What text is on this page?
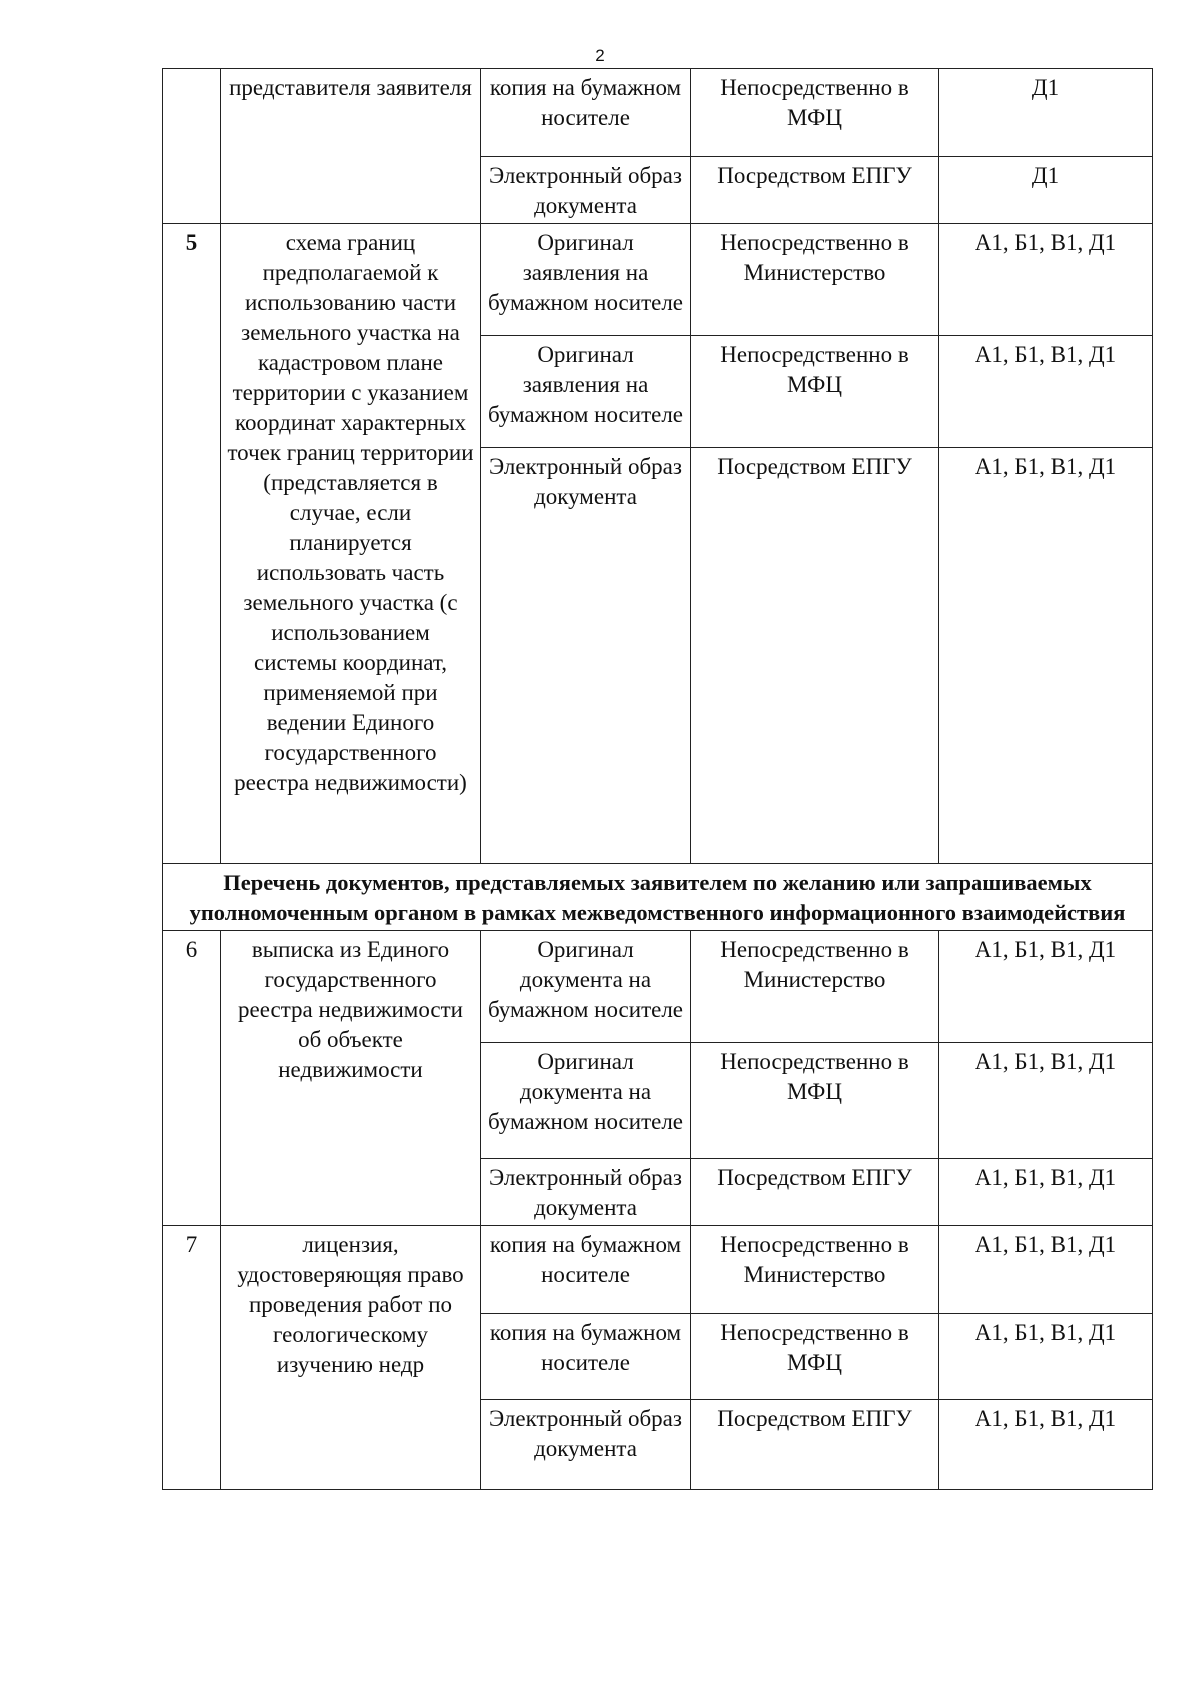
2
	представителя заявителя	копия на бумажном носителе	Непосредственно в МФЦ	Д1
		Электронный образ документа	Посредством ЕПГУ	Д1
5	схема границ предполагаемой к использованию части земельного участка на кадастровом плане территории с указанием координат характерных точек границ территории (представляется в случае, если планируется использовать часть земельного участка (с использованием системы координат, применяемой при ведении Единого государственного реестра недвижимости)	Оригинал заявления на бумажном носителе	Непосредственно в Министерство	А1, Б1, В1, Д1
		Оригинал заявления на бумажном носителе	Непосредственно в МФЦ	А1, Б1, В1, Д1
		Электронный образ документа	Посредством ЕПГУ	А1, Б1, В1, Д1
Перечень документов, представляемых заявителем по желанию или запрашиваемых уполномоченным органом в рамках межведомственного информационного взаимодействия				
6	выписка из Единого государственного реестра недвижимости об объекте недвижимости	Оригинал документа на бумажном носителе	Непосредственно в Министерство	А1, Б1, В1, Д1
		Оригинал документа на бумажном носителе	Непосредственно в МФЦ	А1, Б1, В1, Д1
		Электронный образ документа	Посредством ЕПГУ	А1, Б1, В1, Д1
7	лицензия, удостоверяющяя право проведения работ по геологическому изучению недр	копия на бумажном носителе	Непосредственно в Министерство	А1, Б1, В1, Д1
		копия на бумажном носителе	Непосредственно в МФЦ	А1, Б1, В1, Д1
		Электронный образ документа	Посредством ЕПГУ	А1, Б1, В1, Д1
